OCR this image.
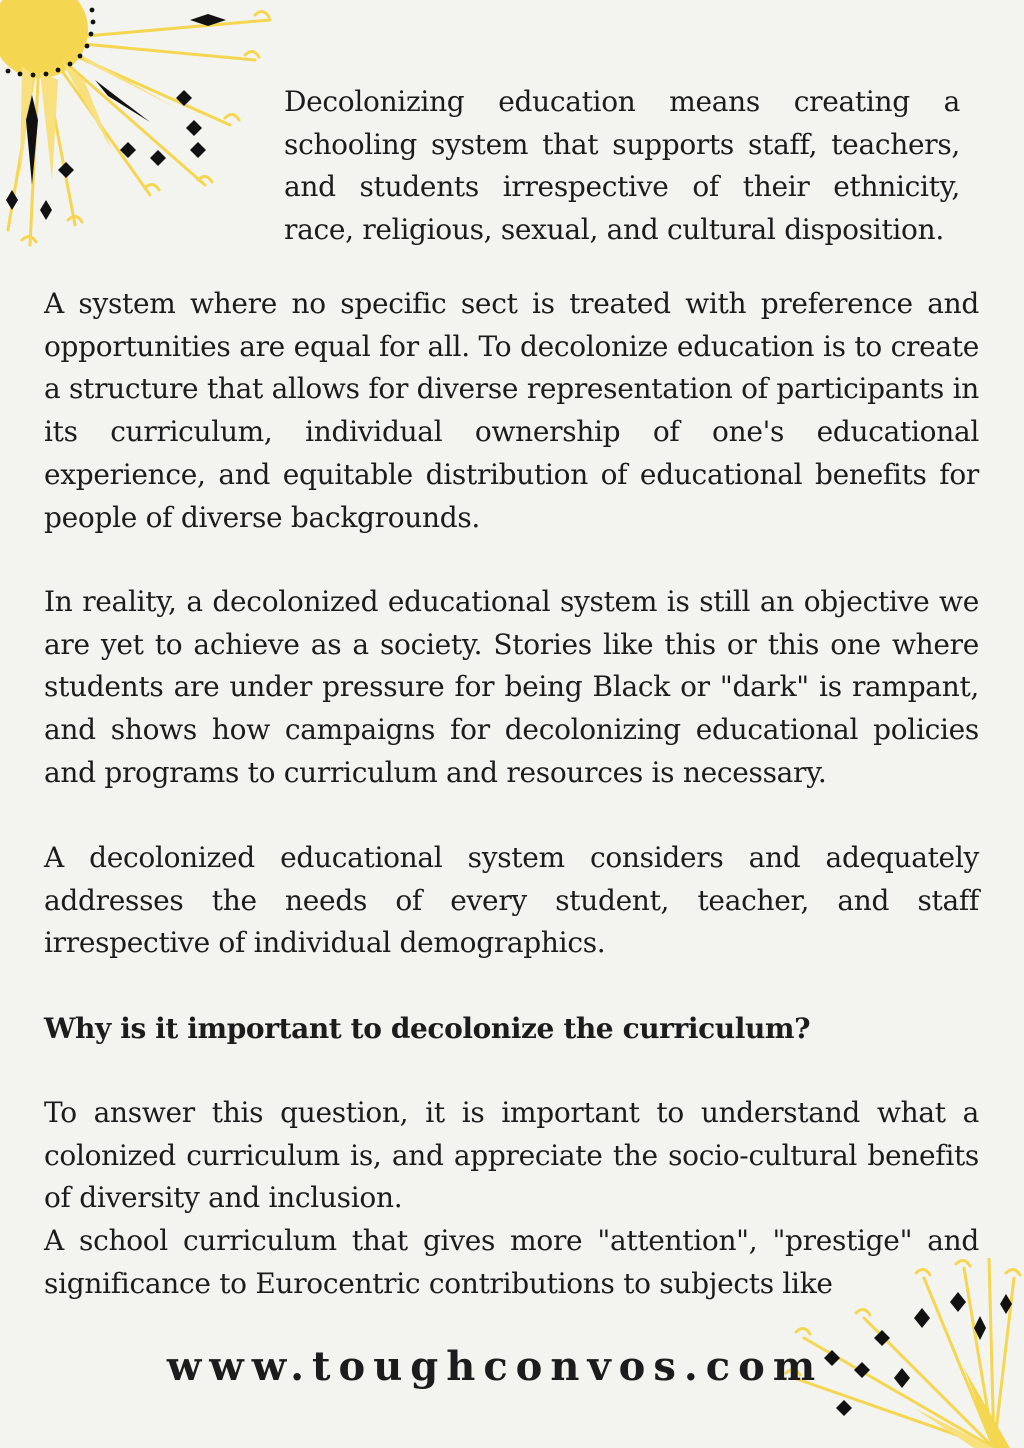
Decolonizing education means creating a schooling system that supports staff, teachers, and students irrespective of their ethnicity, race, religious, sexual, and cultural disposition.

A system where no specific sect is treated with preference and opportunities are equal for all. To decolonize education is to create a structure that allows for diverse representation of participants in its curriculum, individual ownership of one's educational experience, and equitable distribution of educational benefits for people of diverse backgrounds.

In reality, a decolonized educational system is still an objective we are yet to achieve as a society. Stories like this or this one where students are under pressure for being Black or "dark" is rampant, and shows how campaigns for decolonizing educational policies and programs to curriculum and resources is necessary.

A decolonized educational system considers and adequately addresses the needs of every student, teacher, and staff irrespective of individual demographics.

Why is it important to decolonize the curriculum?
To answer this question, it is important to understand what a colonized curriculum is, and appreciate the socio-cultural benefits of diversity and inclusion.
A school curriculum that gives more "attention", "prestige" and significance to Eurocentric contributions to subjects like

www.toughconvos.com
